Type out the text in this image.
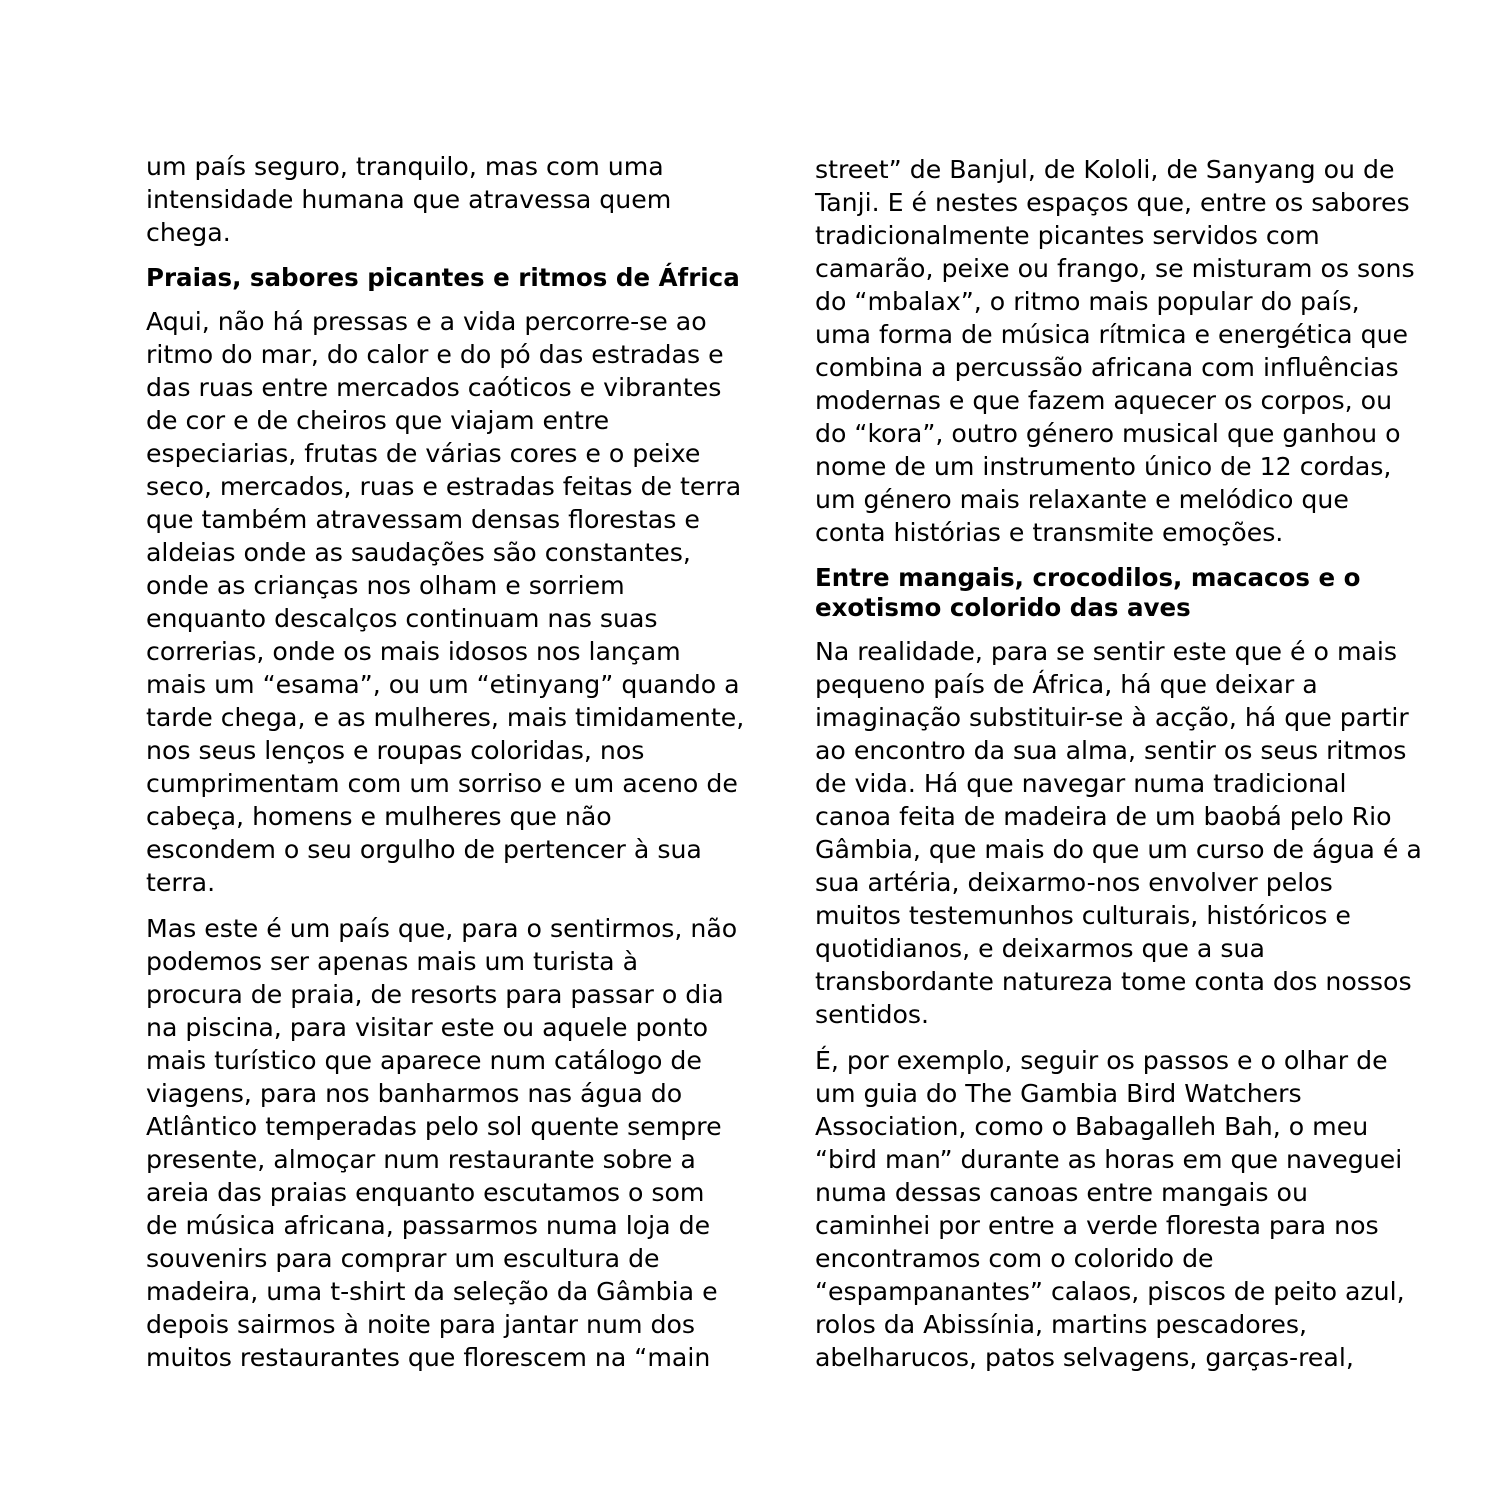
um país seguro, tranquilo, mas com uma
intensidade humana que atravessa quem
chega.
Praias, sabores picantes e ritmos de África
Aqui, não há pressas e a vida percorre-se ao
ritmo do mar, do calor e do pó das estradas e
das ruas entre mercados caóticos e vibrantes
de cor e de cheiros que viajam entre
especiarias, frutas de várias cores e o peixe
seco, mercados, ruas e estradas feitas de terra
que também atravessam densas florestas e
aldeias onde as saudações são constantes,
onde as crianças nos olham e sorriem
enquanto descalços continuam nas suas
correrias, onde os mais idosos nos lançam
mais um “esama”, ou um “etinyang” quando a
tarde chega, e as mulheres, mais timidamente,
nos seus lenços e roupas coloridas, nos
cumprimentam com um sorriso e um aceno de
cabeça, homens e mulheres que não
escondem o seu orgulho de pertencer à sua
terra.
Mas este é um país que, para o sentirmos, não
podemos ser apenas mais um turista à
procura de praia, de resorts para passar o dia
na piscina, para visitar este ou aquele ponto
mais turístico que aparece num catálogo de
viagens, para nos banharmos nas água do
Atlântico temperadas pelo sol quente sempre
presente, almoçar num restaurante sobre a
areia das praias enquanto escutamos o som
de música africana, passarmos numa loja de
souvenirs para comprar um escultura de
madeira, uma t-shirt da seleção da Gâmbia e
depois sairmos à noite para jantar num dos
muitos restaurantes que florescem na “main
street” de Banjul, de Kololi, de Sanyang ou de
Tanji. E é nestes espaços que, entre os sabores
tradicionalmente picantes servidos com
camarão, peixe ou frango, se misturam os sons
do “mbalax”, o ritmo mais popular do país,
uma forma de música rítmica e energética que
combina a percussão africana com influências
modernas e que fazem aquecer os corpos, ou
do “kora”, outro género musical que ganhou o
nome de um instrumento único de 12 cordas,
um género mais relaxante e melódico que
conta histórias e transmite emoções.
Entre mangais, crocodilos, macacos e o
exotismo colorido das aves
Na realidade, para se sentir este que é o mais
pequeno país de África, há que deixar a
imaginação substituir-se à acção, há que partir
ao encontro da sua alma, sentir os seus ritmos
de vida. Há que navegar numa tradicional
canoa feita de madeira de um baobá pelo Rio
Gâmbia, que mais do que um curso de água é a
sua artéria, deixarmo-nos envolver pelos
muitos testemunhos culturais, históricos e
quotidianos, e deixarmos que a sua
transbordante natureza tome conta dos nossos
sentidos.
É, por exemplo, seguir os passos e o olhar de
um guia do The Gambia Bird Watchers
Association, como o Babagalleh Bah, o meu
“bird man” durante as horas em que naveguei
numa dessas canoas entre mangais ou
caminhei por entre a verde floresta para nos
encontramos com o colorido de
“espampanantes” calaos, piscos de peito azul,
rolos da Abissínia, martins pescadores,
abelharucos, patos selvagens, garças-real,
